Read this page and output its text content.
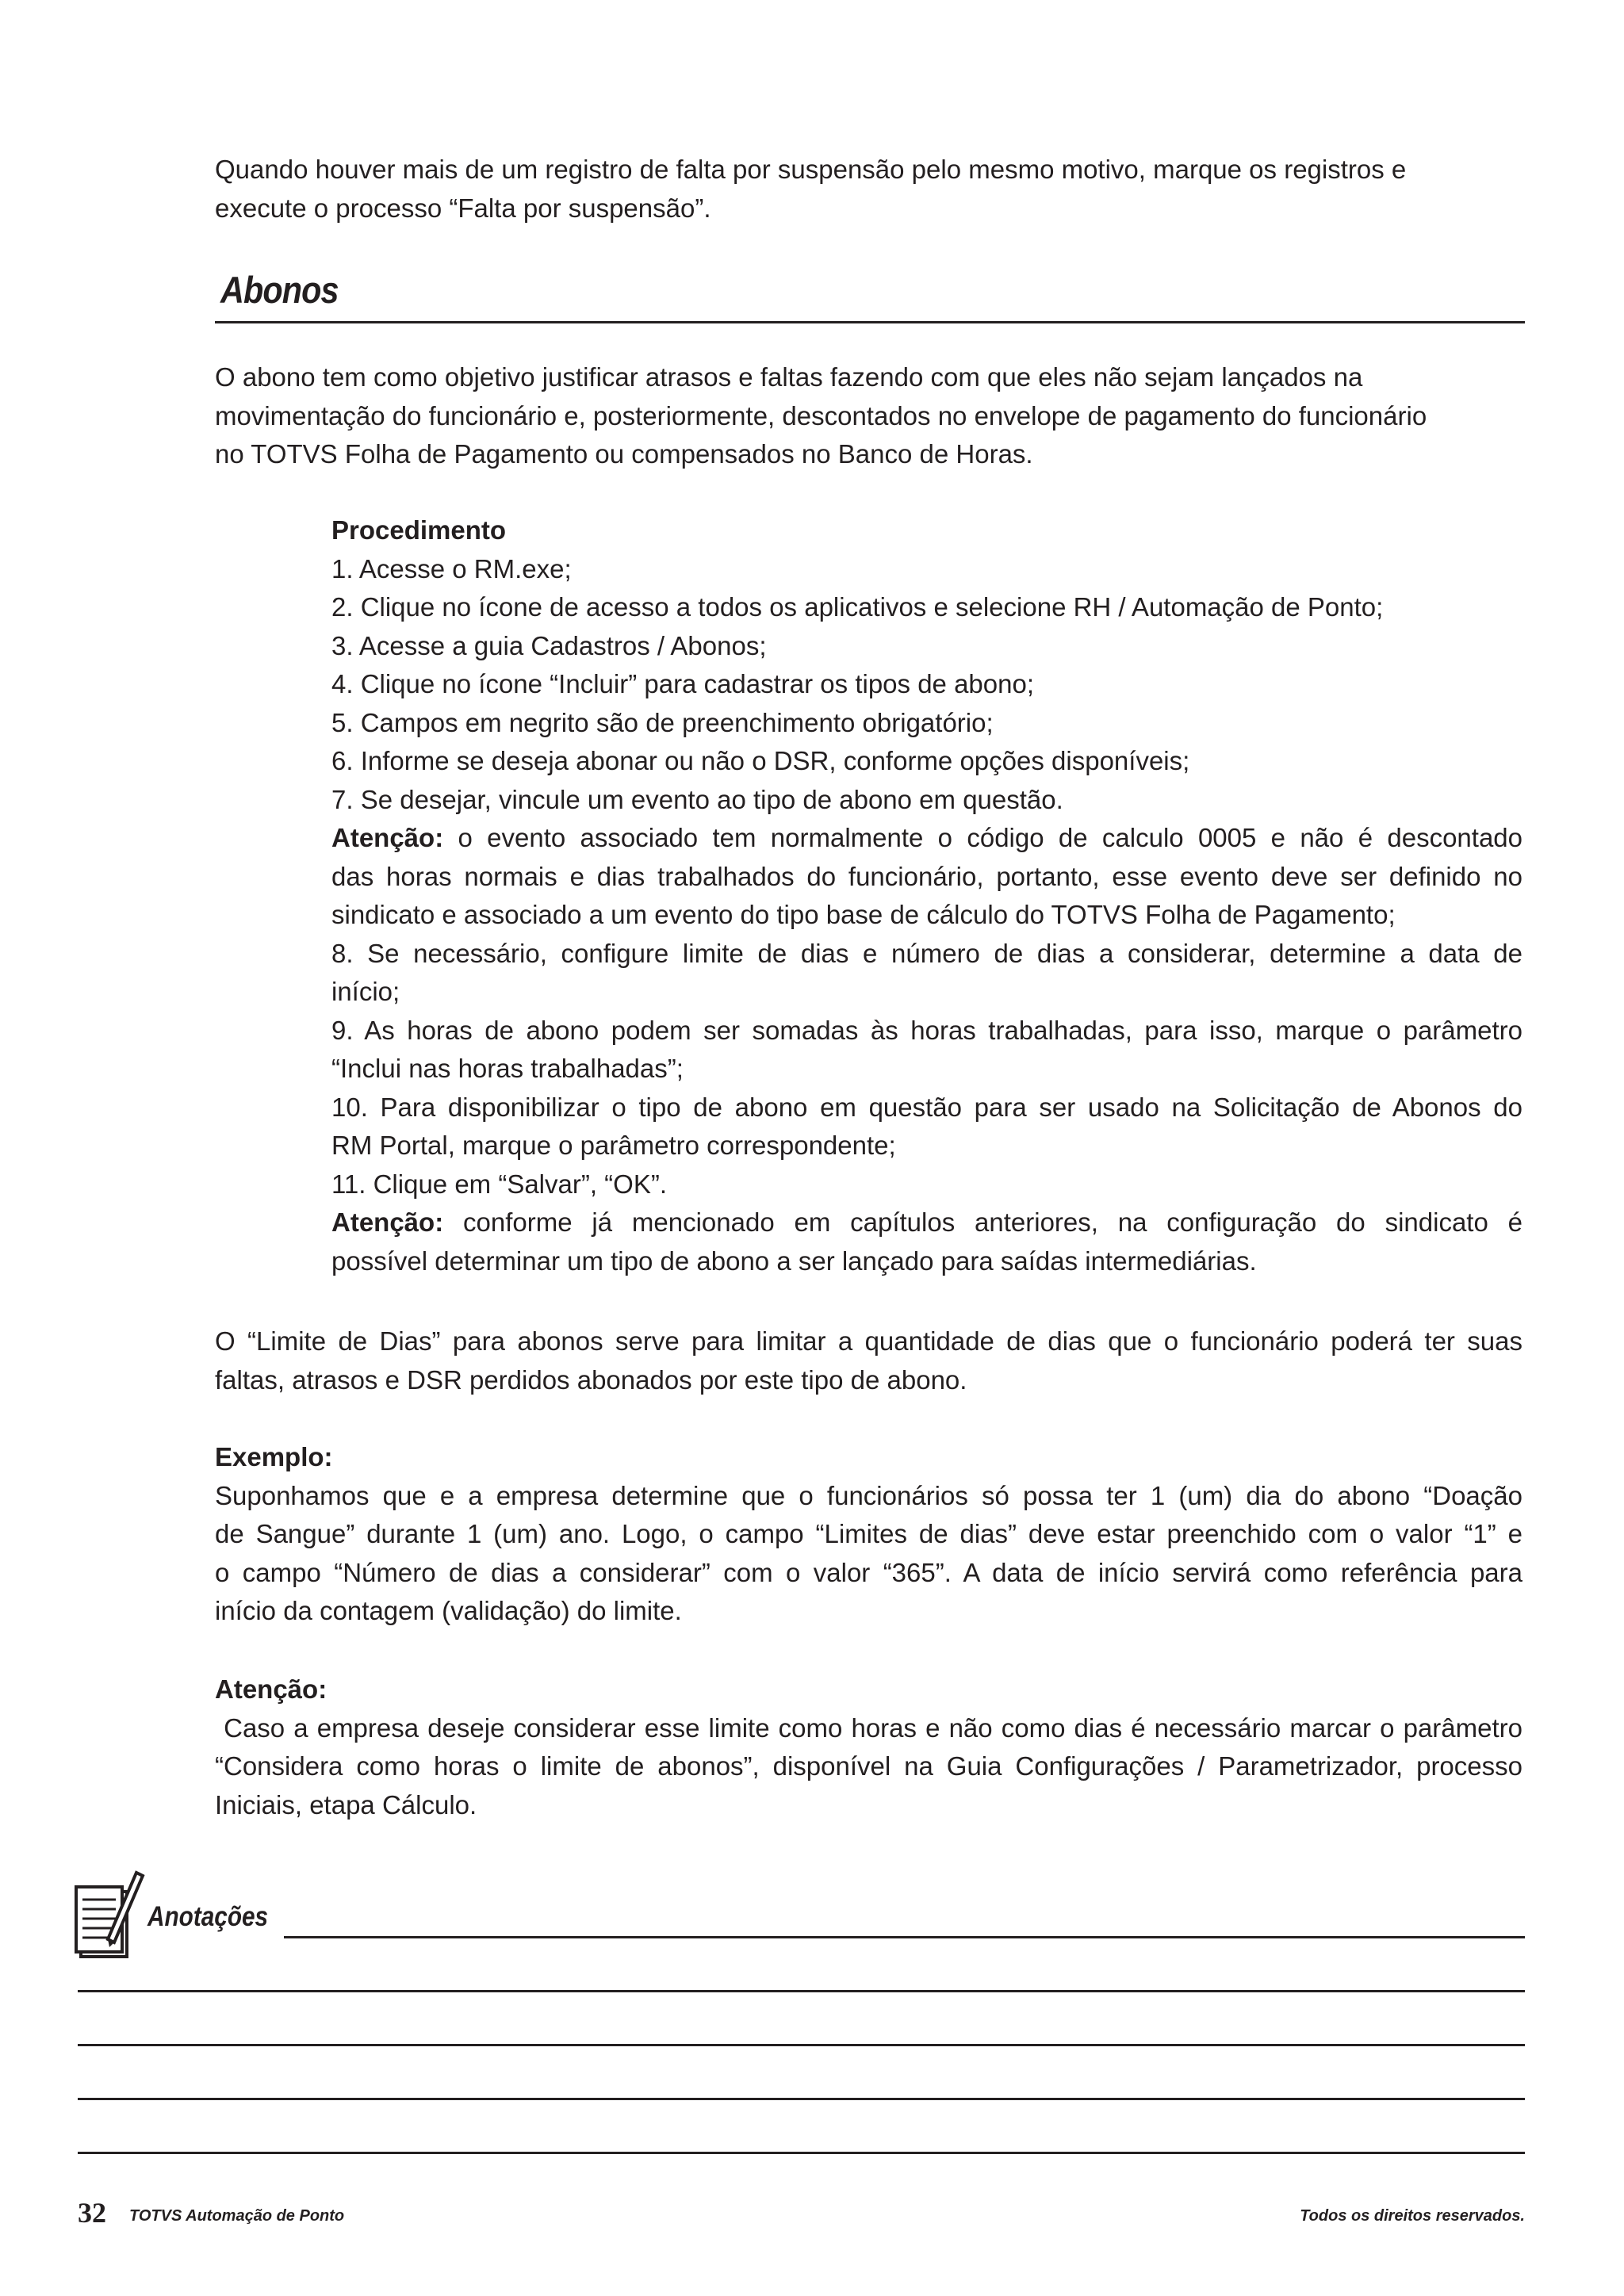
Quando houver mais de um registro de falta por suspensão pelo mesmo motivo, marque os registros e
execute o processo “Falta por suspensão”.
Abonos
O abono tem como objetivo justificar atrasos e faltas fazendo com que eles não sejam lançados na
movimentação do funcionário e, posteriormente, descontados no envelope de pagamento do funcionário
no TOTVS Folha de Pagamento ou compensados no Banco de Horas.
Procedimento
1. Acesse o RM.exe;
2. Clique no ícone de acesso a todos os aplicativos e selecione RH / Automação de Ponto;
3. Acesse a guia Cadastros / Abonos;
4. Clique no ícone “Incluir” para cadastrar os tipos de abono;
5. Campos em negrito são de preenchimento obrigatório;
6. Informe se deseja abonar ou não o DSR, conforme opções disponíveis;
7. Se desejar, vincule um evento ao tipo de abono em questão.
Atenção: o evento associado tem normalmente o código de calculo 0005 e não é descontado
das horas normais e dias trabalhados do funcionário, portanto, esse evento deve ser definido no
sindicato e associado a um evento do tipo base de cálculo do TOTVS Folha de Pagamento;
8. Se necessário, configure limite de dias e número de dias a considerar, determine a data de
início;
9. As horas de abono podem ser somadas às horas trabalhadas, para isso, marque o parâmetro
“Inclui nas horas trabalhadas”;
10. Para disponibilizar o tipo de abono em questão para ser usado na Solicitação de Abonos do
RM Portal, marque o parâmetro correspondente;
11. Clique em “Salvar”, “OK”.
Atenção: conforme já mencionado em capítulos anteriores, na configuração do sindicato é
possível determinar um tipo de abono a ser lançado para saídas intermediárias.
O “Limite de Dias” para abonos serve para limitar a quantidade de dias que o funcionário poderá ter suas
faltas, atrasos e DSR perdidos abonados por este tipo de abono.
Exemplo:
Suponhamos que e a empresa determine que o funcionários só possa ter 1 (um) dia do abono “Doação
de Sangue” durante 1 (um) ano. Logo, o campo “Limites de dias” deve estar preenchido com o valor “1” e
o campo “Número de dias a considerar” com o valor “365”. A data de início servirá como referência para
início da contagem (validação) do limite.
Atenção:
Caso a empresa deseje considerar esse limite como horas e não como dias é necessário marcar o parâmetro
“Considera como horas o limite de abonos”, disponível na Guia Configurações / Parametrizador, processo
Iniciais, etapa Cálculo.
Anotações
32 TOTVS Automação de Ponto	Todos os direitos reservados.
